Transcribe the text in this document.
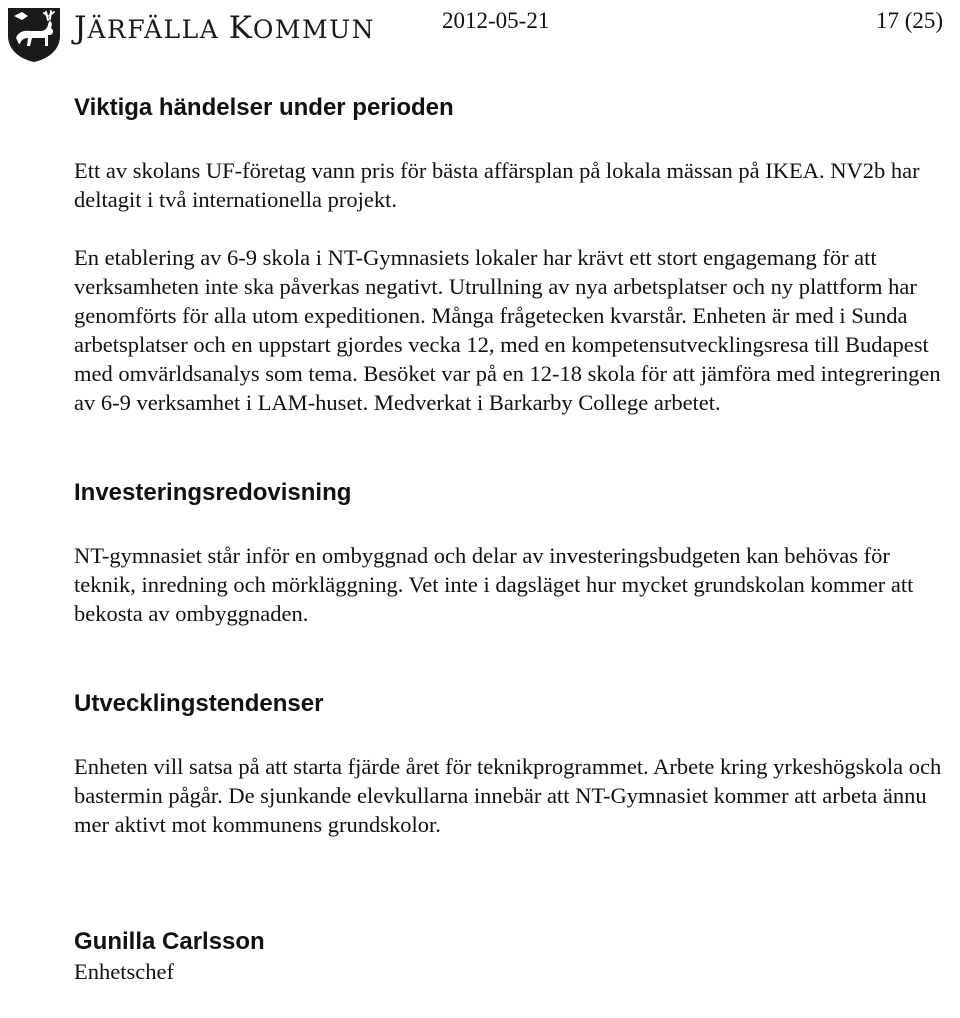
JÄRFÄLLA KOMMUN	2012-05-21	17 (25)
Viktiga händelser under perioden

Ett av skolans UF-företag vann pris för bästa affärsplan på lokala mässan på IKEA. NV2b har deltagit i två internationella projekt.

En etablering av 6-9 skola i NT-Gymnasiets lokaler har krävt ett stort engagemang för att verksamheten inte ska påverkas negativt. Utrullning av nya arbetsplatser och ny plattform har genomförts för alla utom expeditionen. Många frågetecken kvarstår. Enheten är med i Sunda arbetsplatser och en uppstart gjordes vecka 12, med en kompetensutvecklingsresa till Budapest med omvärldsanalys som tema. Besöket var på en 12-18 skola för att jämföra med integreringen av 6-9 verksamhet i LAM-huset. Medverkat i Barkarby College arbetet.

Investeringsredovisning

NT-gymnasiet står inför en ombyggnad och delar av investeringsbudgeten kan behövas för teknik, inredning och mörkläggning. Vet inte i dagsläget hur mycket grundskolan kommer att bekosta av ombyggnaden.

Utvecklingstendenser

Enheten vill satsa på att starta fjärde året för teknikprogrammet. Arbete kring yrkeshögskola och bastermin pågår. De sjunkande elevkullarna innebär att NT-Gymnasiet kommer att arbeta ännu mer aktivt mot kommunens grundskolor.

Gunilla Carlsson
Enhetschef
